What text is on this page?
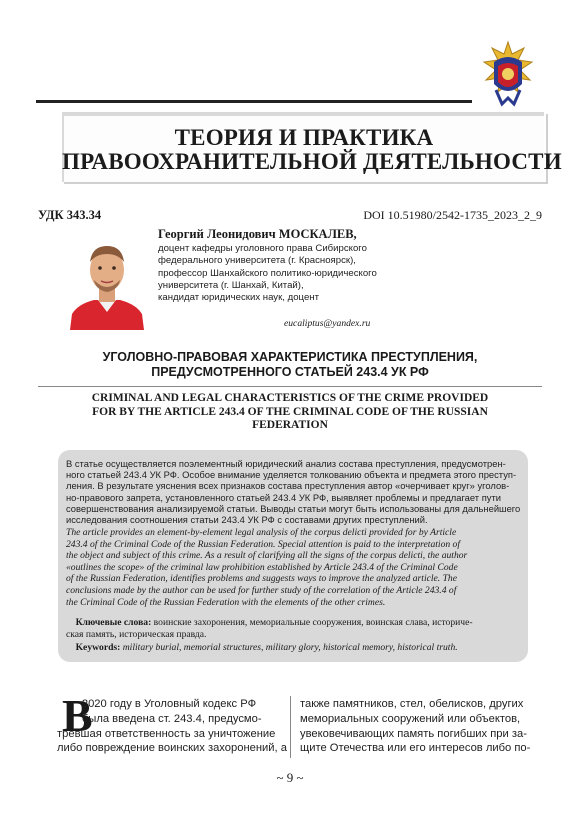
ТЕОРИЯ И ПРАКТИКА
ПРАВООХРАНИТЕЛЬНОЙ ДЕЯТЕЛЬНОСТИ
УДК 343.34	DOI 10.51980/2542-1735_2023_2_9
Георгий Леонидович МОСКАЛЕВ,
доцент кафедры уголовного права Сибирского
федерального университета (г. Красноярск),
профессор Шанхайского политико-юридического
университета (г. Шанхай, Китай),
кандидат юридических наук, доцент
eucaliptus@yandex.ru
УГОЛОВНО-ПРАВОВАЯ ХАРАКТЕРИСТИКА ПРЕСТУПЛЕНИЯ,
ПРЕДУСМОТРЕННОГО СТАТЬЕЙ 243.4 УК РФ
CRIMINAL AND LEGAL CHARACTERISTICS OF THE CRIME PROVIDED
FOR BY THE ARTICLE 243.4 OF THE CRIMINAL CODE OF THE RUSSIAN
FEDERATION
В статье осуществляется поэлементный юридический анализ состава преступления, предусмотрен-
ного статьей 243.4 УК РФ. Особое внимание уделяется толкованию объекта и предмета этого преступ-
ления. В результате уяснения всех признаков состава преступления автор «очерчивает круг» уголов-
но-правового запрета, установленного статьей 243.4 УК РФ, выявляет проблемы и предлагает пути
совершенствования анализируемой статьи. Выводы статьи могут быть использованы для дальнейшего
исследования соотношения статьи 243.4 УК РФ с составами других преступлений.
The article provides an element-by-element legal analysis of the corpus delicti provided for by Article
243.4 of the Criminal Code of the Russian Federation. Special attention is paid to the interpretation of
the object and subject of this crime. As a result of clarifying all the signs of the corpus delicti, the author
«outlines the scope» of the criminal law prohibition established by Article 243.4 of the Criminal Code
of the Russian Federation, identifies problems and suggests ways to improve the analyzed article. The
conclusions made by the author can be used for further study of the correlation of the Article 243.4 of
the Criminal Code of the Russian Federation with the elements of the other crimes.
Ключевые слова: воинские захоронения, мемориальные сооружения, воинская слава, историче-
ская память, историческая правда.
Keywords: military burial, memorial structures, military glory, historical memory, historical truth.
В
2020 году в Уголовный кодекс РФ
была введена ст. 243.4, предусмо-
тревшая ответственность за уничтожение
либо повреждение воинских захоронений, а
также памятников, стел, обелисков, других
мемориальных сооружений или объектов,
увековечивающих память погибших при за-
щите Отечества или его интересов либо по-
~ 9 ~
